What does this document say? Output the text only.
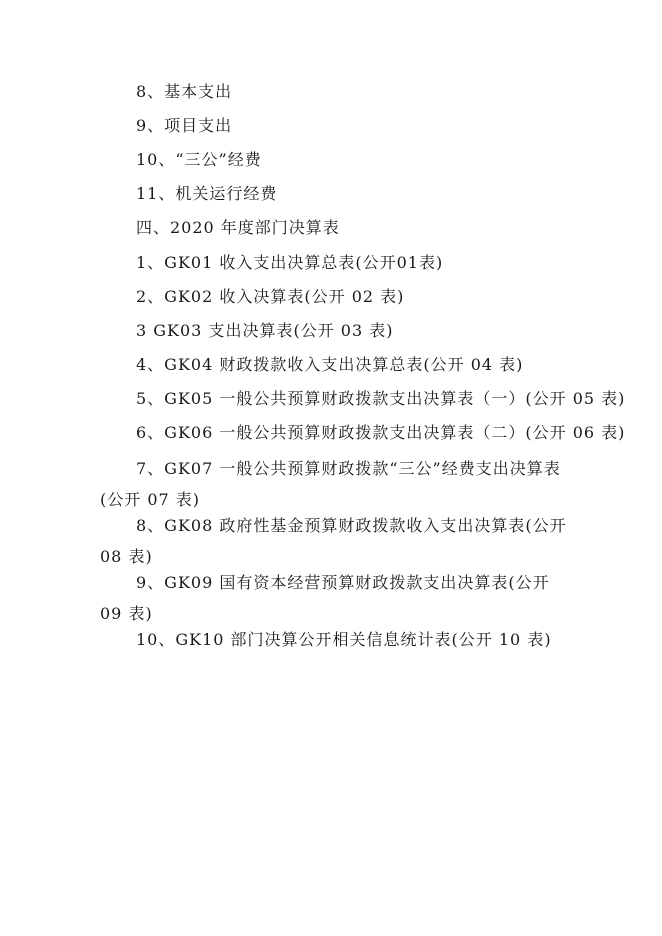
8、基本支出
9、项目支出
10、“三公”经费
11、机关运行经费
四、2020 年度部门决算表
1、GK01 收入支出决算总表(公开01表)
2、GK02 收入决算表(公开 02 表)
3 GK03 支出决算表(公开 03 表)
4、GK04 财政拨款收入支出决算总表(公开 04 表)
5、GK05 一般公共预算财政拨款支出决算表（一）(公开 05 表)
6、GK06 一般公共预算财政拨款支出决算表（二）(公开 06 表)
7、GK07 一般公共预算财政拨款“三公”经费支出决算表(公开 07 表)
8、GK08 政府性基金预算财政拨款收入支出决算表(公开 08 表)
9、GK09 国有资本经营预算财政拨款支出决算表(公开 09 表)
10、GK10 部门决算公开相关信息统计表(公开 10 表)
